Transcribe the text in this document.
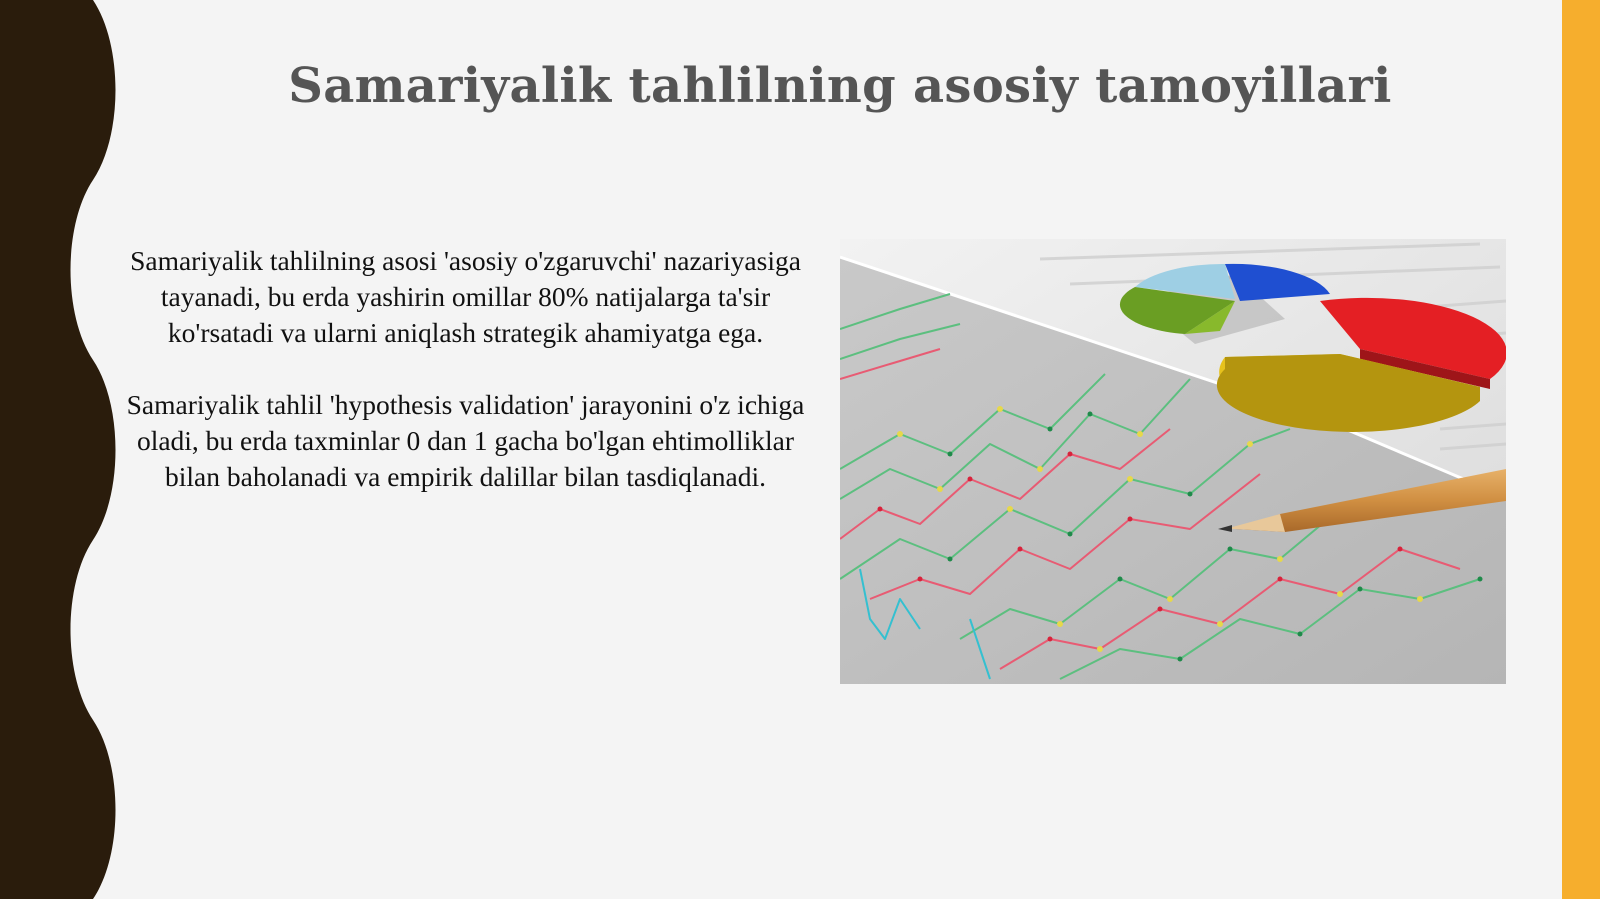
Samariyalik tahlilning asosiy tamoyillari

Samariyalik tahlilning asosi 'asosiy o'zgaruvchi' nazariyasiga tayanadi, bu erda yashirin omillar 80% natijalarga ta'sir ko'rsatadi va ularni aniqlash strategik ahamiyatga ega.

Samariyalik tahlil 'hypothesis validation' jarayonini o'z ichiga oladi, bu erda taxminlar 0 dan 1 gacha bo'lgan ehtimolliklar bilan baholanadi va empirik dalillar bilan tasdiqlanadi.
